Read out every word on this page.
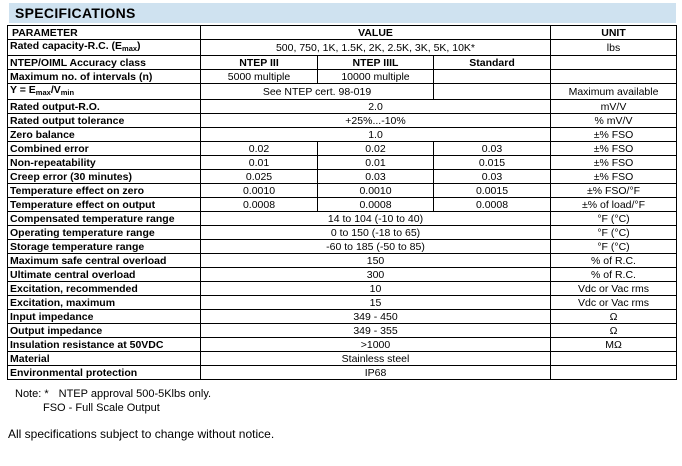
SPECIFICATIONS
PARAMETER	VALUE			UNIT
Rated capacity-R.C. $(E_{max})$	500, 750, 1K, 1.5K, 2K, 2.5K, 3K, 5K, 10K*			lbs
NTEP/OIML Accuracy class	NTEP III	NTEP IIIL	Standard	
Maximum no. of intervals (n)	5000 multiple	10000 multiple		
$Y = E_{max}/V_{min}$	See NTEP cert. 98-019			Maximum available
Rated output-R.O.	2.0			mV/V
Rated output tolerance	+25%...-10%			% mV/V
Zero balance	1.0			±% FSO
Combined error	0.02	0.02	0.03	±% FSO
Non-repeatability	0.01	0.01	0.015	±% FSO
Creep error (30 minutes)	0.025	0.03	0.03	±% FSO
Temperature effect on zero	0.0010	0.0010	0.0015	±% FSO/°F
Temperature effect on output	0.0008	0.0008	0.0008	±% of load/°F
Compensated temperature range	14 to 104 (-10 to 40)			°F (°C)
Operating temperature range	0 to 150 (-18 to 65)			°F (°C)
Storage temperature range	-60 to 185 (-50 to 85)			°F (°C)
Maximum safe central overload	150			% of R.C.
Ultimate central overload	300			% of R.C.
Excitation, recommended	10			Vdc or Vac rms
Excitation, maximum	15			Vdc or Vac rms
Input impedance	349 - 450			Ω
Output impedance	349 - 355			Ω
Insulation resistance at 50VDC	>1000			MΩ
Material	Stainless steel			
Environmental protection	IP68			
Note: * NTEP approval 500-5Klbs only.
FSO - Full Scale Output
All specifications subject to change without notice.
